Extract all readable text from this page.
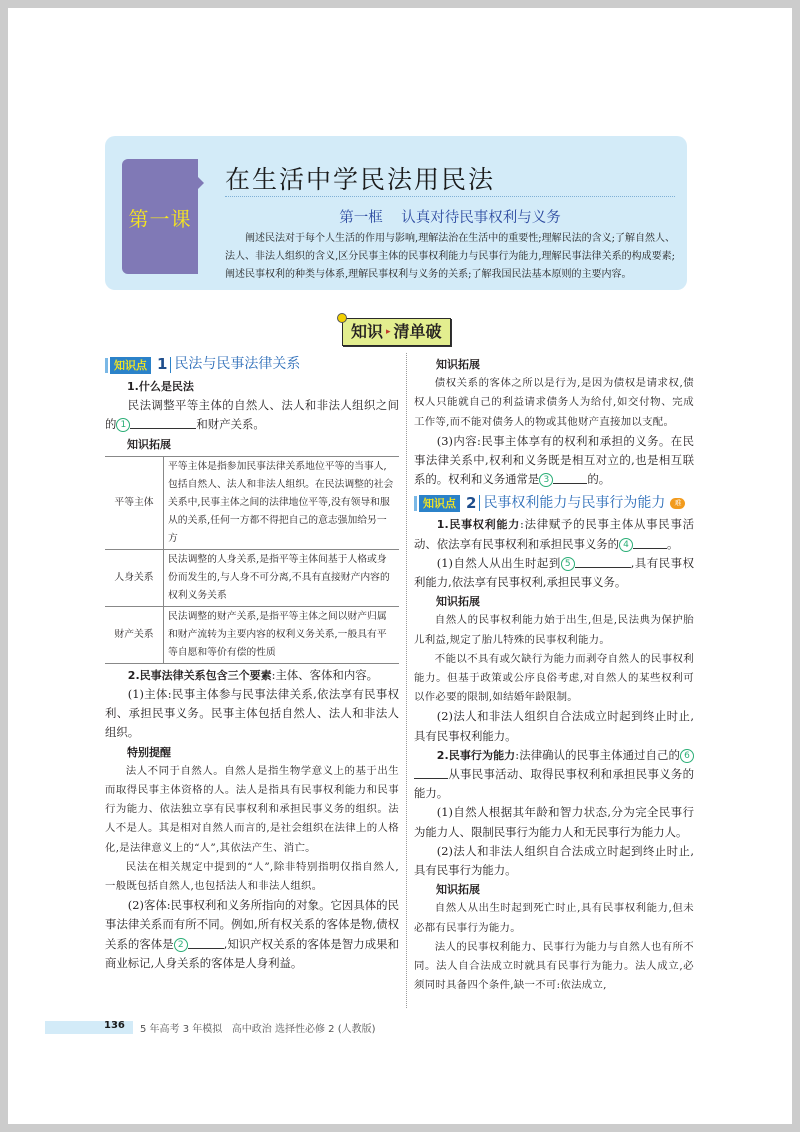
第一课
在生活中学民法用民法
第一框    认真对待民事权利与义务

阐述民法对于每个人生活的作用与影响,理解法治在生活中的重要性;理解民法的含义;了解自然人、法人、非法人组织的含义,区分民事主体的民事权利能力与民事行为能力,理解民事法律关系的构成要素;阐述民事权利的种类与体系,理解民事权利与义务的关系;了解我国民法基本原则的主要内容。

知识 ▸ 清单破
知识点 1 民法与民事法律关系

1.什么是民法

民法调整平等主体的自然人、法人和非法人组织之间的 1	和财产关系。

知识拓展

平等主体	平等主体是指参加民事法律关系地位平等的当事人,包括自然人、法人和非法人组织。在民法调整的社会关系中,民事主体之间的法律地位平等,没有领导和服从的关系,任何一方都不得把自己的意志强加给另一方
人身关系	民法调整的人身关系,是指平等主体间基于人格或身份而发生的,与人身不可分离,不具有直接财产内容的权利义务关系
财产关系	民法调整的财产关系,是指平等主体之间以财产归属和财产流转为主要内容的权利义务关系,一般具有平等自愿和等价有偿的性质

2.民事法律关系包含三个要素:主体、客体和内容。

(1)主体:民事主体参与民事法律关系,依法享有民事权利、承担民事义务。民事主体包括自然人、法人和非法人组织。

特别提醒

法人不同于自然人。自然人是指生物学意义上的基于出生而取得民事主体资格的人。法人是指具有民事权利能力和民事行为能力、依法独立享有民事权利和承担民事义务的组织。法人不是人。其是相对自然人而言的,是社会组织在法律上的人格化,是法律意义上的“人”,其依法产生、消亡。

民法在相关规定中提到的“人”,除非特别指明仅指自然人,一般既包括自然人,也包括法人和非法人组织。

(2)客体:民事权利和义务所指向的对象。它因具体的民事法律关系而有所不同。例如,所有权关系的客体是物,债权关系的客体是 2	,知识产权关系的客体是智力成果和商业标记,人身关系的客体是人身利益。

知识拓展

债权关系的客体之所以是行为,是因为债权是请求权,债权人只能就自己的利益请求债务人为给付,如交付物、完成工作等,而不能对债务人的物或其他财产直接加以支配。

(3)内容:民事主体享有的权利和承担的义务。在民事法律关系中,权利和义务既是相互对立的,也是相互联系的。权利和义务通常是 3	的。

知识点 2 民事权利能力与民事行为能力	难

1.民事权利能力:法律赋予的民事主体从事民事活动、依法享有民事权利和承担民事义务的 4	。

(1)自然人从出生时起到 5	,具有民事权利能力,依法享有民事权利,承担民事义务。

知识拓展

自然人的民事权利能力始于出生,但是,民法典为保护胎儿利益,规定了胎儿特殊的民事权利能力。

不能以不具有或欠缺行为能力而剥夺自然人的民事权利能力。但基于政策或公序良俗考虑,对自然人的某些权利可以作必要的限制,如结婚年龄限制。

(2)法人和非法人组织自合法成立时起到终止时止,具有民事权利能力。

2.民事行为能力:法律确认的民事主体通过自己的 6从事民事活动、取得民事权利和承担民事义务的能力。

(1)自然人根据其年龄和智力状态,分为完全民事行为能力人、限制民事行为能力人和无民事行为能力人。

(2)法人和非法人组织自合法成立时起到终止时止,具有民事行为能力。

知识拓展

自然人从出生时起到死亡时止,具有民事权利能力,但未必都有民事行为能力。

法人的民事权利能力、民事行为能力与自然人也有所不同。法人自合法成立时就具有民事行为能力。法人成立,必须同时具备四个条件,缺一不可:依法成立,

136 5 年高考 3 年模拟   高中政治 选择性必修 2 (人教版)
